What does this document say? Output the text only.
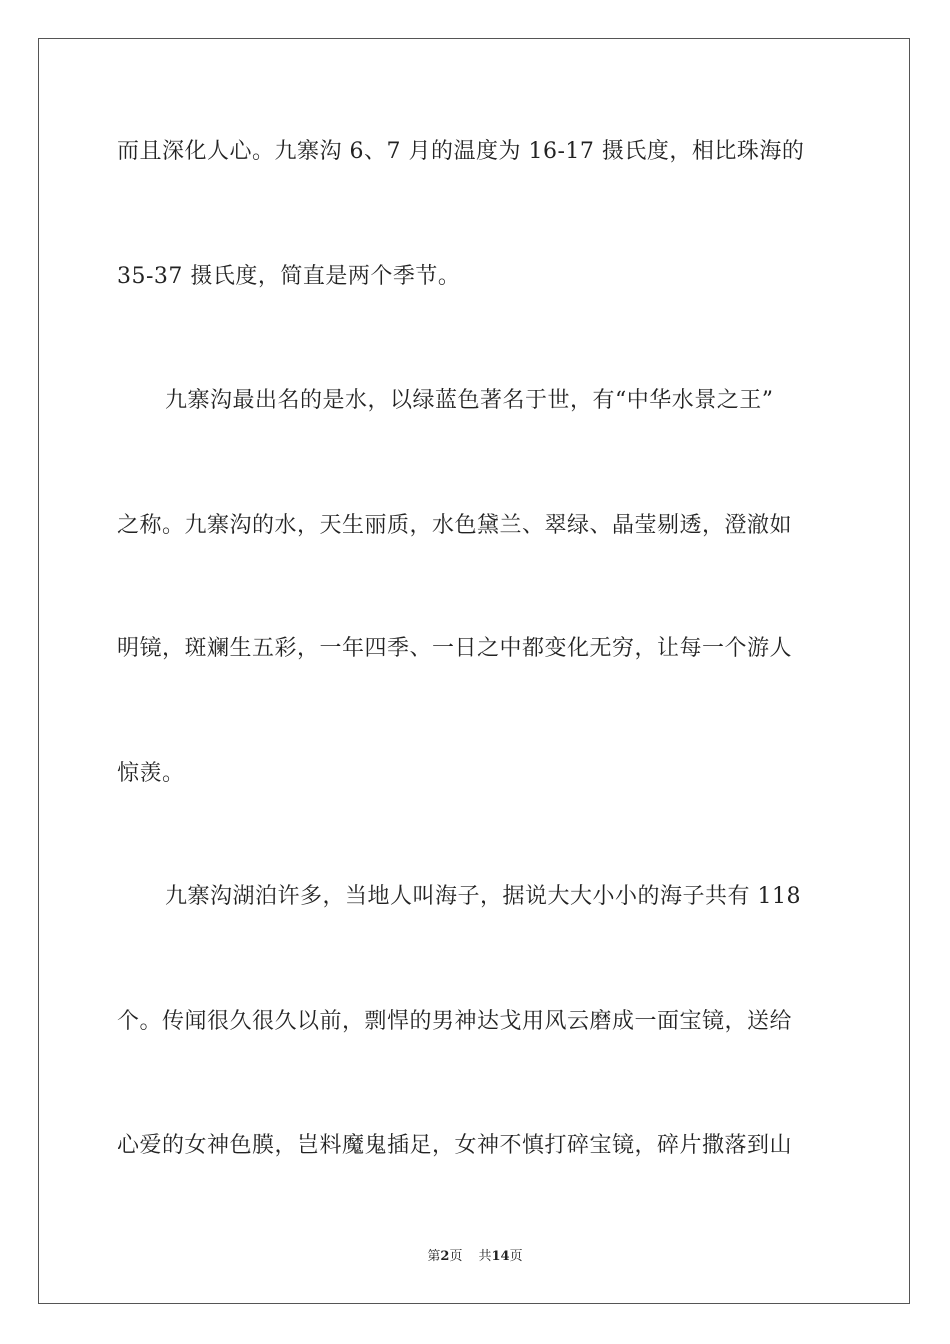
而且深化人心。九寨沟 6、7 月的温度为 16-17 摄氏度，相比珠海的
35-37 摄氏度，简直是两个季节。
九寨沟最出名的是水，以绿蓝色著名于世，有“中华水景之王”
之称。九寨沟的水，天生丽质，水色黛兰、翠绿、晶莹剔透，澄澈如
明镜，斑斓生五彩，一年四季、一日之中都变化无穷，让每一个游人
惊羡。
九寨沟湖泊许多，当地人叫海子，据说大大小小的海子共有 118
个。传闻很久很久以前，剽悍的男神达戈用风云磨成一面宝镜，送给
心爱的女神色膜，岂料魔鬼插足，女神不慎打碎宝镜，碎片撒落到山
第2页 共14页
